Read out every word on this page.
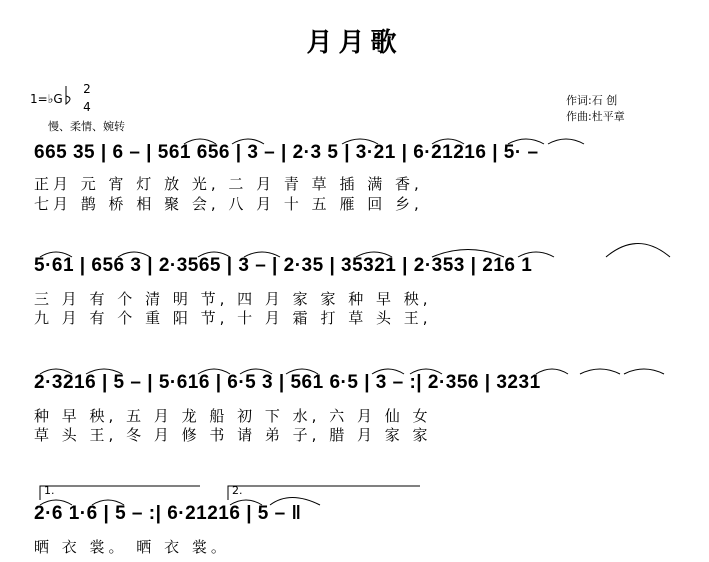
月月歌
1=♭G
2
4
慢、柔情、婉转
作词:石 创
作曲:杜平章
665 35 | 6 – | 561 656 | 3 – | 2·3 5 | 3·21 | 6·21216 | 5· –
正月 元 宵 灯 放 光, 二 月 青 草 插 满 香,
七月 鹊 桥 相 聚 会, 八 月 十 五 雁 回 乡,
5·61 | 656 3 | 2·3565 | 3 – | 2·35 | 35321 | 2·353 | 216 1
三 月 有 个 清 明 节, 四 月 家 家 种 早 秧,
九 月 有 个 重 阳 节, 十 月 霜 打 草 头 王,
2·3216 | 5 – | 5·616 | 6·5 3 | 561 6·5 | 3 – :| 2·356 | 3231
种 早 秧, 五 月 龙 船 初 下 水, 六 月 仙 女
草 头 王, 冬 月 修 书 请 弟 子, 腊 月 家 家
1.	2.
2·6 1·6 | 5 – :| 6·21216 | 5 – ‖
晒 衣 裳。 晒 衣 裳。
